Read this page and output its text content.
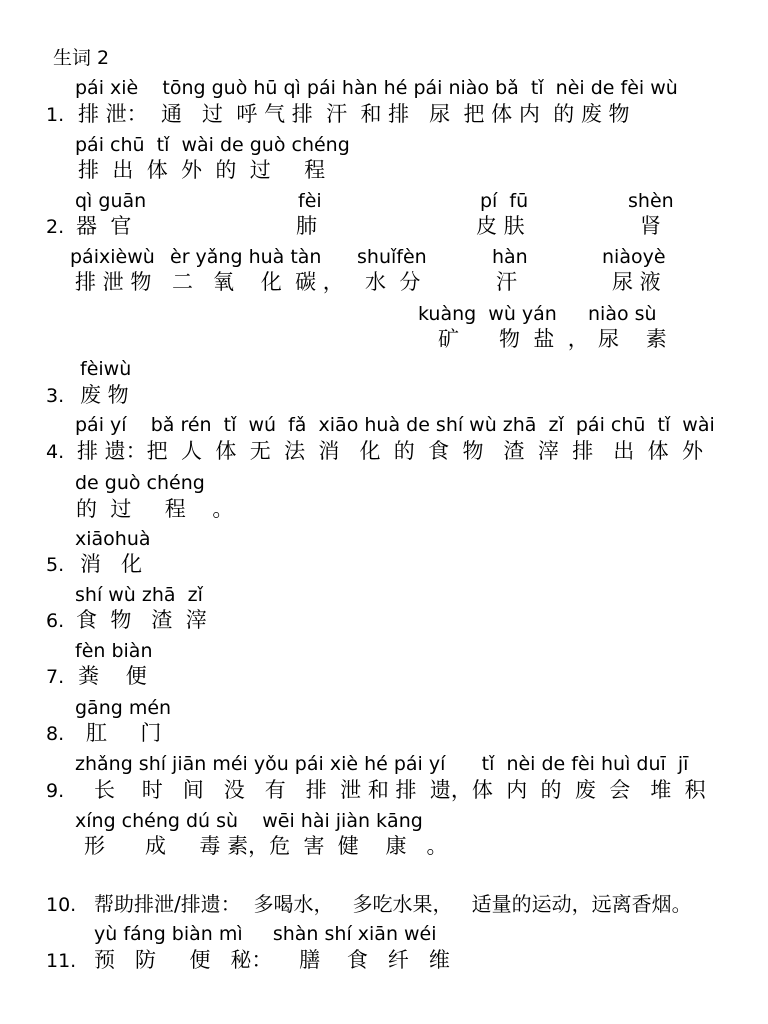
生词 2
pái xiè    tōng guò hū qì pái hàn hé pái niào bǎ  tǐ  nèi de fèi wù
1. 排 泄：  通   过  呼 气 排  汗  和 排   尿  把 体 内  的 废 物
pái chū  tǐ  wài de guò chéng
排  出  体  外  的  过     程
qì guān
2. 器  官
fèi
肺
pí  fū
皮 肤
shèn
肾
páixièwù
排 泄 物
èr yǎng huà tàn
二   氧    化  碳 ，
shuǐfèn
水  分
hàn
汗
niàoyè
尿 液
kuàng  wù yán
矿      物  盐  ，
niào sù
尿    素
fèiwù
3. 废 物
pái yí    bǎ rén  tǐ  wú  fǎ  xiāo huà de shí wù zhā  zǐ  pái chū  tǐ  wài
4. 排 遗：把  人  体  无  法  消   化  的  食  物   渣  滓  排   出  体  外
de guò chéng
的  过     程    。
xiāohuà
5. 消   化
shí wù zhā  zǐ
6. 食  物   渣  滓
fèn biàn
7. 粪    便
gāng mén
8. 肛     门
zhǎng shí jiān méi yǒu pái xiè hé pái yí      tǐ  nèi de fèi huì duī  jī
9. 长    时   间   没   有   排  泄 和 排  遗，体  内  的  废  会   堆  积
xíng chéng dú sù    wēi hài jiàn kāng
形      成     毒 素，危  害  健    康   。
10. 帮助排泄/排遗：  多喝水，   多吃水果，   适量的运动，远离香烟。
yù fáng biàn mì     shàn shí xiān wéi
11. 预   防     便   秘：    膳    食   纤   维
